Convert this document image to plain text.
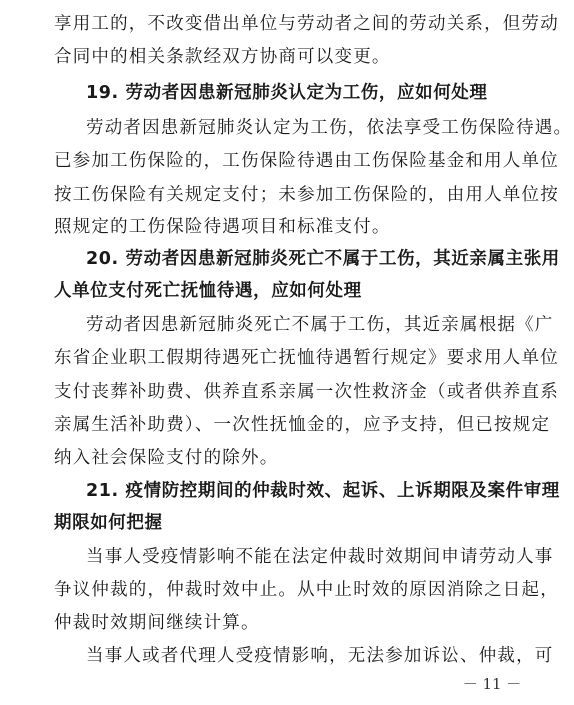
享用工的，不改变借出单位与劳动者之间的劳动关系，但劳动
合同中的相关条款经双方协商可以变更。
19. 劳动者因患新冠肺炎认定为工伤，应如何处理
劳动者因患新冠肺炎认定为工伤，依法享受工伤保险待遇。
已参加工伤保险的，工伤保险待遇由工伤保险基金和用人单位
按工伤保险有关规定支付；未参加工伤保险的，由用人单位按
照规定的工伤保险待遇项目和标准支付。
20. 劳动者因患新冠肺炎死亡不属于工伤，其近亲属主张用
人单位支付死亡抚恤待遇，应如何处理
劳动者因患新冠肺炎死亡不属于工伤，其近亲属根据《广
东省企业职工假期待遇死亡抚恤待遇暂行规定》要求用人单位
支付丧葬补助费、供养直系亲属一次性救济金（或者供养直系
亲属生活补助费）、一次性抚恤金的，应予支持，但已按规定
纳入社会保险支付的除外。
21. 疫情防控期间的仲裁时效、起诉、上诉期限及案件审理
期限如何把握
当事人受疫情影响不能在法定仲裁时效期间申请劳动人事
争议仲裁的，仲裁时效中止。从中止时效的原因消除之日起，
仲裁时效期间继续计算。
当事人或者代理人受疫情影响，无法参加诉讼、仲裁，可
－ 11 －
